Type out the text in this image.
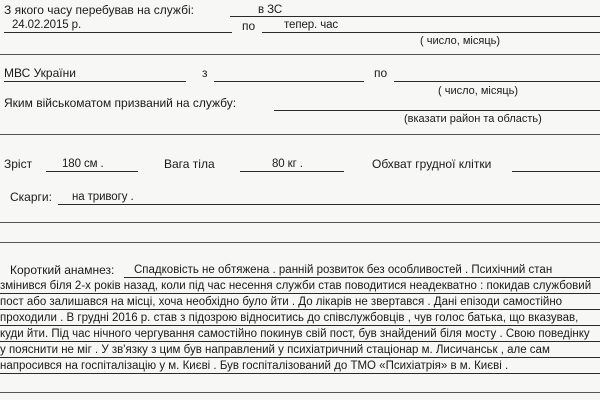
З якого часу перебував на службі:	в ЗС
24.02.2015 р.	по	тепер. час
( число, місяць)
МВС України	з	по
( число, місяць)
Яким військоматом призваний на службу:
(вказати район та область)
Зріст	180 см .	Вага тіла	80 кг .	Обхват грудної клітки
Скарги: на тривогу .
Короткий анамнез: Спадковість не обтяжена . ранній розвиток без особливостей . Психічний стан
змінився біля 2-х років назад, коли під час несення служби став поводитися неадекватно : покидав службовий
пост або залишався на місці, хоча необхідно було йти . До лікарів не звертався . Дані епізоди самостійно
проходили . В грудні 2016 р. став з підозрою відноситись до співслужбовців , чув голос батька, що вказував,
куди йти. Під час нічного чергування самостійно покинув свій пост, був знайдений біля мосту . Свою поведінку
у пояснити не міг . У зв'язку з цим був направлений у психіатричний стаціонар м. Лисичанськ , але сам
напросився на госпіталізацію у м. Києві . Був госпіталізований до ТМО «Психіатрія» в м. Києві .
